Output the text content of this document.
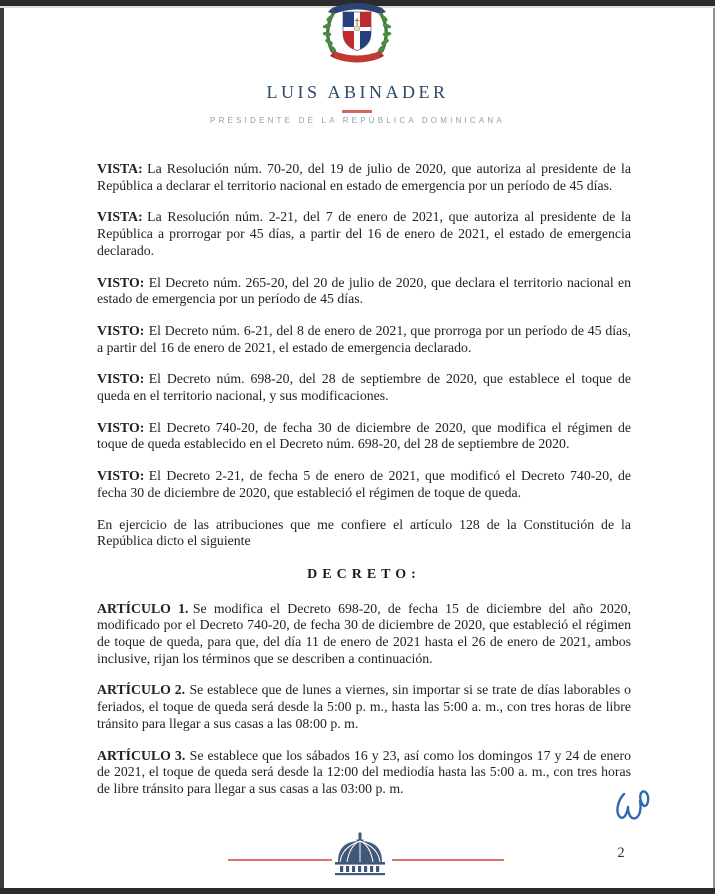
LUIS ABINADER
PRESIDENTE DE LA REPÚBLICA DOMINICANA

VISTA: La Resolución núm. 70-20, del 19 de julio de 2020, que autoriza al presidente de la República a declarar el territorio nacional en estado de emergencia por un período de 45 días.

VISTA: La Resolución núm. 2-21, del 7 de enero de 2021, que autoriza al presidente de la República a prorrogar por 45 días, a partir del 16 de enero de 2021, el estado de emergencia declarado.

VISTO: El Decreto núm. 265-20, del 20 de julio de 2020, que declara el territorio nacional en estado de emergencia por un período de 45 días.

VISTO: El Decreto núm. 6-21, del 8 de enero de 2021, que prorroga por un período de 45 días, a partir del 16 de enero de 2021, el estado de emergencia declarado.

VISTO: El Decreto núm. 698-20, del 28 de septiembre de 2020, que establece el toque de queda en el territorio nacional, y sus modificaciones.

VISTO: El Decreto 740-20, de fecha 30 de diciembre de 2020, que modifica el régimen de toque de queda establecido en el Decreto núm. 698-20, del 28 de septiembre de 2020.

VISTO: El Decreto 2-21, de fecha 5 de enero de 2021, que modificó el Decreto 740-20, de fecha 30 de diciembre de 2020, que estableció el régimen de toque de queda.

En ejercicio de las atribuciones que me confiere el artículo 128 de la Constitución de la República dicto el siguiente

DECRETO:

ARTÍCULO 1. Se modifica el Decreto 698-20, de fecha 15 de diciembre del año 2020, modificado por el Decreto 740-20, de fecha 30 de diciembre de 2020, que estableció el régimen de toque de queda, para que, del día 11 de enero de 2021 hasta el 26 de enero de 2021, ambos inclusive, rijan los términos que se describen a continuación.

ARTÍCULO 2. Se establece que de lunes a viernes, sin importar si se trate de días laborables o feriados, el toque de queda será desde la 5:00 p. m., hasta las 5:00 a. m., con tres horas de libre tránsito para llegar a sus casas a las 08:00 p. m.

ARTÍCULO 3. Se establece que los sábados 16 y 23, así como los domingos 17 y 24 de enero de 2021, el toque de queda será desde la 12:00 del mediodía hasta las 5:00 a. m., con tres horas de libre tránsito para llegar a sus casas a las 03:00 p. m.

2
